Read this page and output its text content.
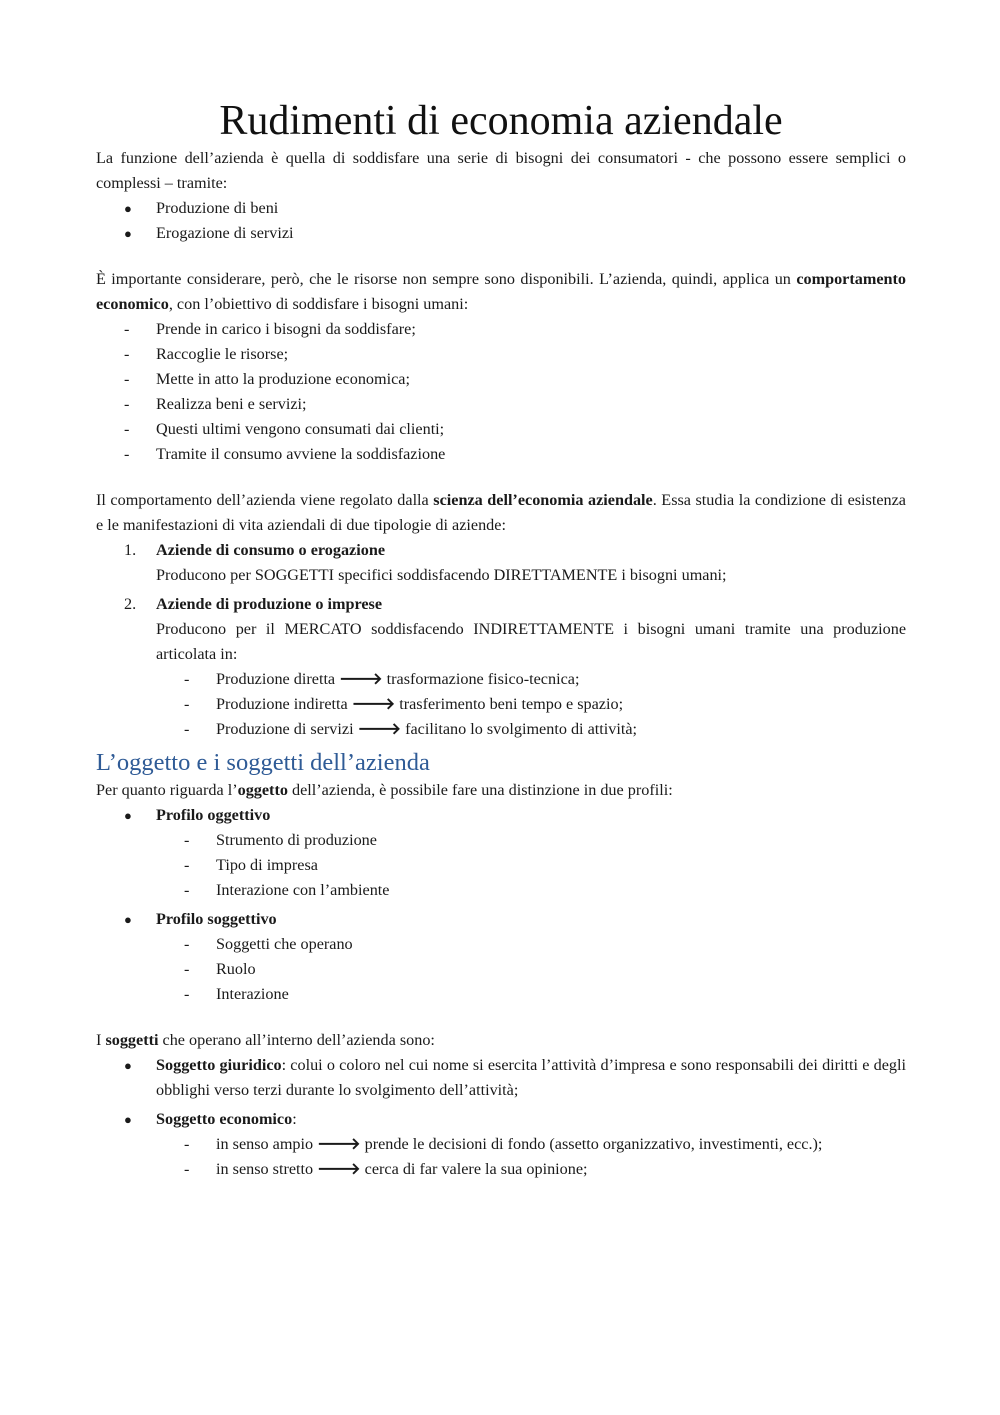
Rudimenti di economia aziendale

La funzione dell’azienda è quella di soddisfare una serie di bisogni dei consumatori - che possono essere semplici o complessi – tramite:

● Produzione di beni
● Erogazione di servizi

È importante considerare, però, che le risorse non sempre sono disponibili. L’azienda, quindi, applica un comportamento economico, con l’obiettivo di soddisfare i bisogni umani:

- Prende in carico i bisogni da soddisfare;
- Raccoglie le risorse;
- Mette in atto la produzione economica;
- Realizza beni e servizi;
- Questi ultimi vengono consumati dai clienti;
- Tramite il consumo avviene la soddisfazione

Il comportamento dell’azienda viene regolato dalla scienza dell’economia aziendale. Essa studia la condizione di esistenza e le manifestazioni di vita aziendali di due tipologie di aziende:

1. Aziende di consumo o erogazione
Producono per SOGGETTI specifici soddisfacendo DIRETTAMENTE i bisogni umani;
2. Aziende di produzione o imprese

Producono per il MERCATO soddisfacendo INDIRETTAMENTE i bisogni umani tramite una produzione articolata in:

- Produzione diretta 🡒 trasformazione fisico-tecnica;
- Produzione indiretta 🡒 trasferimento beni tempo e spazio;
- Produzione di servizi 🡒 facilitano lo svolgimento di attività;
L’oggetto e i soggetti dell’azienda

Per quanto riguarda l’oggetto dell’azienda, è possibile fare una distinzione in due profili:

● Profilo oggettivo
- Strumento di produzione
- Tipo di impresa
- Interazione con l’ambiente
● Profilo soggettivo
- Soggetti che operano
- Ruolo
- Interazione

I soggetti che operano all’interno dell’azienda sono:

● Soggetto giuridico: colui o coloro nel cui nome si esercita l’attività d’impresa e sono responsabili dei diritti e degli obblighi verso terzi durante lo svolgimento dell’attività;

● Soggetto economico:
- in senso ampio 🡒 prende le decisioni di fondo (assetto organizzativo, investimenti, ecc.);
- in senso stretto 🡒 cerca di far valere la sua opinione;
